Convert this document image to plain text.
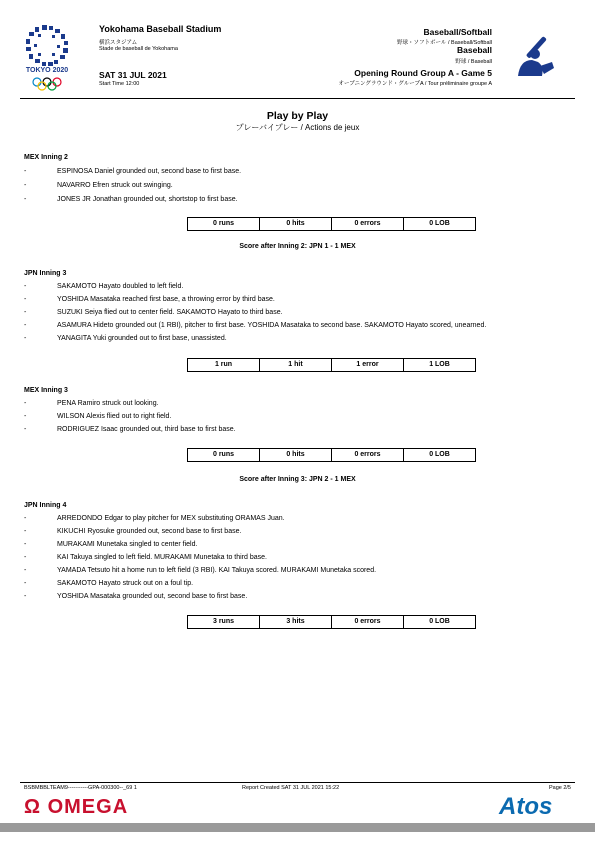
TOKYO 2020
Yokohama Baseball Stadium
横浜スタジアム
Stade de baseball de Yokohama
SAT 31 JUL 2021
Start Time 12:00
Baseball/Softball
野球・ソフトボール / Baseball/Softball
Baseball
野球 / Baseball
Opening Round Group A - Game 5
オープニングラウンド・グループA / Tour préliminaire groupe A
Play by Play
プレーバイプレー / Actions de jeux
MEX Inning 2
-	ESPINOSA Daniel grounded out, second base to first base.
-	NAVARRO Efren struck out swinging.
-	JONES JR Jonathan grounded out, shortstop to first base.
0 runs	0 hits	0 errors	0 LOB
Score after Inning 2: JPN 1 - 1 MEX
JPN Inning 3
-	SAKAMOTO Hayato doubled to left field.
-	YOSHIDA Masataka reached first base, a throwing error by third base.
-	SUZUKI Seiya flied out to center field. SAKAMOTO Hayato to third base.
-	ASAMURA Hideto grounded out (1 RBI), pitcher to first base. YOSHIDA Masataka to second base. SAKAMOTO Hayato scored, unearned.
-	YANAGITA Yuki grounded out to first base, unassisted.
1 run	1 hit	1 error	1 LOB
MEX Inning 3
-	PENA Ramiro struck out looking.
-	WILSON Alexis flied out to right field.
-	RODRIGUEZ Isaac grounded out, third base to first base.
0 runs	0 hits	0 errors	0 LOB
Score after Inning 3: JPN 2 - 1 MEX
JPN Inning 4
-	ARREDONDO Edgar to play pitcher for MEX substituting ORAMAS Juan.
-	KIKUCHI Ryosuke grounded out, second base to first base.
-	MURAKAMI Munetaka singled to center field.
-	KAI Takuya singled to left field. MURAKAMI Munetaka to third base.
-	YAMADA Tetsuto hit a home run to left field (3 RBI). KAI Takuya scored. MURAKAMI Munetaka scored.
-	SAKAMOTO Hayato struck out on a foul tip.
-	YOSHIDA Masataka grounded out, second base to first base.
3 runs	3 hits	0 errors	0 LOB
BSBMBBLTEAM9-----------GPA-000300--_69 1	Report Created SAT 31 JUL 2021 15:22	Page 2/5
Ω OMEGA	Atos
